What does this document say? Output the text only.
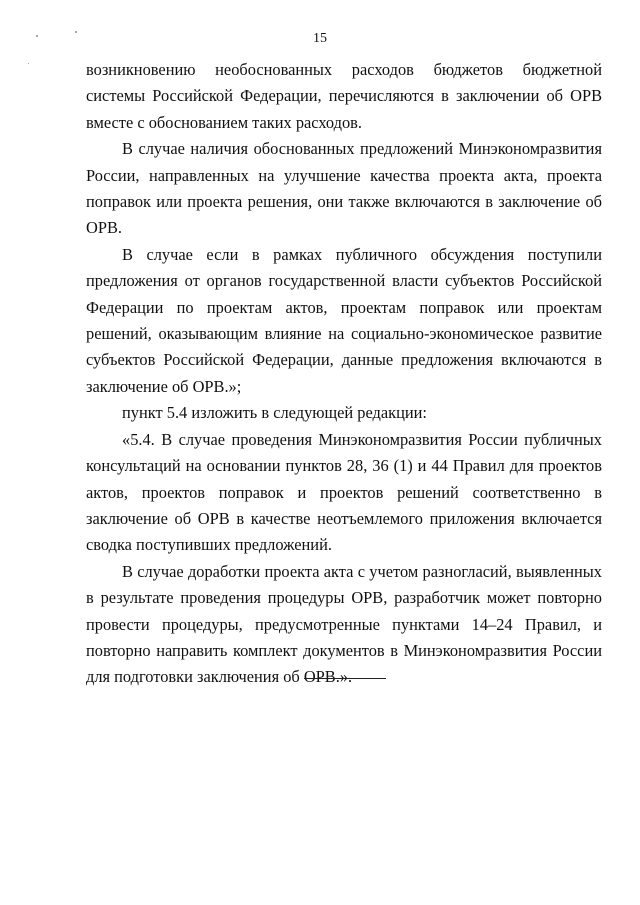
15

возникновению необоснованных расходов бюджетов бюджетной системы Российской Федерации, перечисляются в заключении об ОРВ вместе с обоснованием таких расходов.

В случае наличия обоснованных предложений Минэкономразвития России, направленных на улучшение качества проекта акта, проекта поправок или проекта решения, они также включаются в заключение об ОРВ.

В случае если в рамках публичного обсуждения поступили предложения от органов государственной власти субъектов Российской Федерации по проектам актов, проектам поправок или проектам решений, оказывающим влияние на социально-экономическое развитие субъектов Российской Федерации, данные предложения включаются в заключение об ОРВ.»;

пункт 5.4 изложить в следующей редакции:

«5.4. В случае проведения Минэкономразвития России публичных консультаций на основании пунктов 28, 36 (1) и 44 Правил для проектов актов, проектов поправок и проектов решений соответственно в заключение об ОРВ в качестве неотъемлемого приложения включается сводка поступивших предложений.

В случае доработки проекта акта с учетом разногласий, выявленных в результате проведения процедуры ОРВ, разработчик может повторно провести процедуры, предусмотренные пунктами 14–24 Правил, и повторно направить комплект документов в Минэкономразвития России для подготовки заключения об ОРВ.».
